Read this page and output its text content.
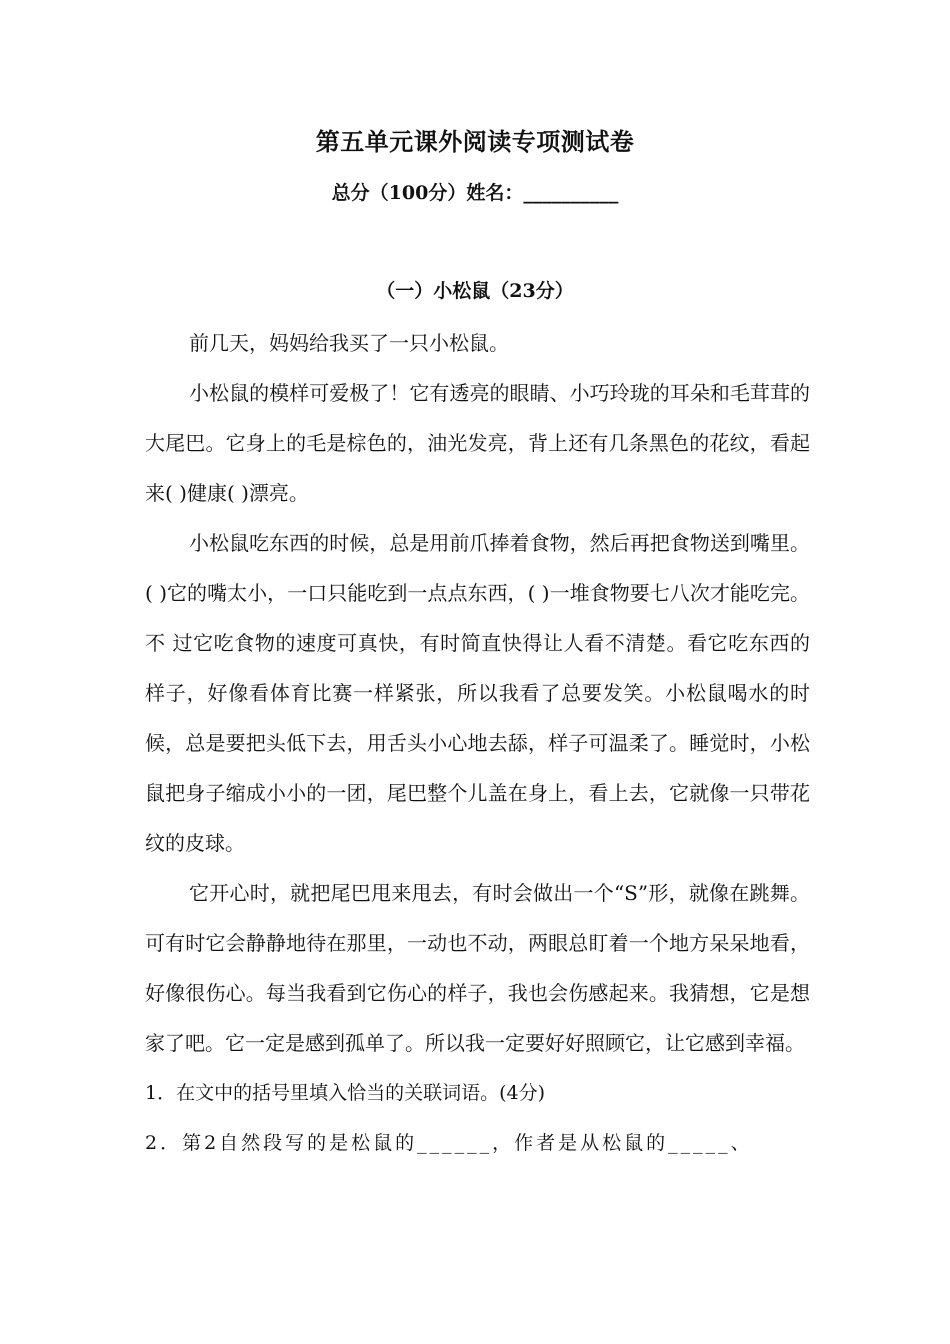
第五单元课外阅读专项测试卷
总分（100分）姓名：__________
（一）小松鼠（23分）

前几天，妈妈给我买了一只小松鼠。

小松鼠的模样可爱极了！它有透亮的眼睛、小巧玲珑的耳朵和毛茸茸的大尾巴。它身上的毛是棕色的，油光发亮，背上还有几条黑色的花纹，看起来( )健康( )漂亮。

小松鼠吃东西的时候，总是用前爪捧着食物，然后再把食物送到嘴里。( )它的嘴太小，一口只能吃到一点点东西，( )一堆食物要七八次才能吃完。不 过它吃食物的速度可真快，有时简直快得让人看不清楚。看它吃东西的样子，好像看体育比赛一样紧张，所以我看了总要发笑。小松鼠喝水的时候，总是要把头低下去，用舌头小心地去舔，样子可温柔了。睡觉时，小松鼠把身子缩成小小的一团，尾巴整个儿盖在身上，看上去，它就像一只带花纹的皮球。

它开心时，就把尾巴甩来甩去，有时会做出一个“S”形，就像在跳舞。可有时它会静静地待在那里，一动也不动，两眼总盯着一个地方呆呆地看，好像很伤心。每当我看到它伤心的样子，我也会伤感起来。我猜想，它是想家了吧。它一定是感到孤单了。所以我一定要好好照顾它，让它感到幸福。

1．在文中的括号里填入恰当的关联词语。(4分)

2．第2自然段写的是松鼠的______，作者是从松鼠的_____、
